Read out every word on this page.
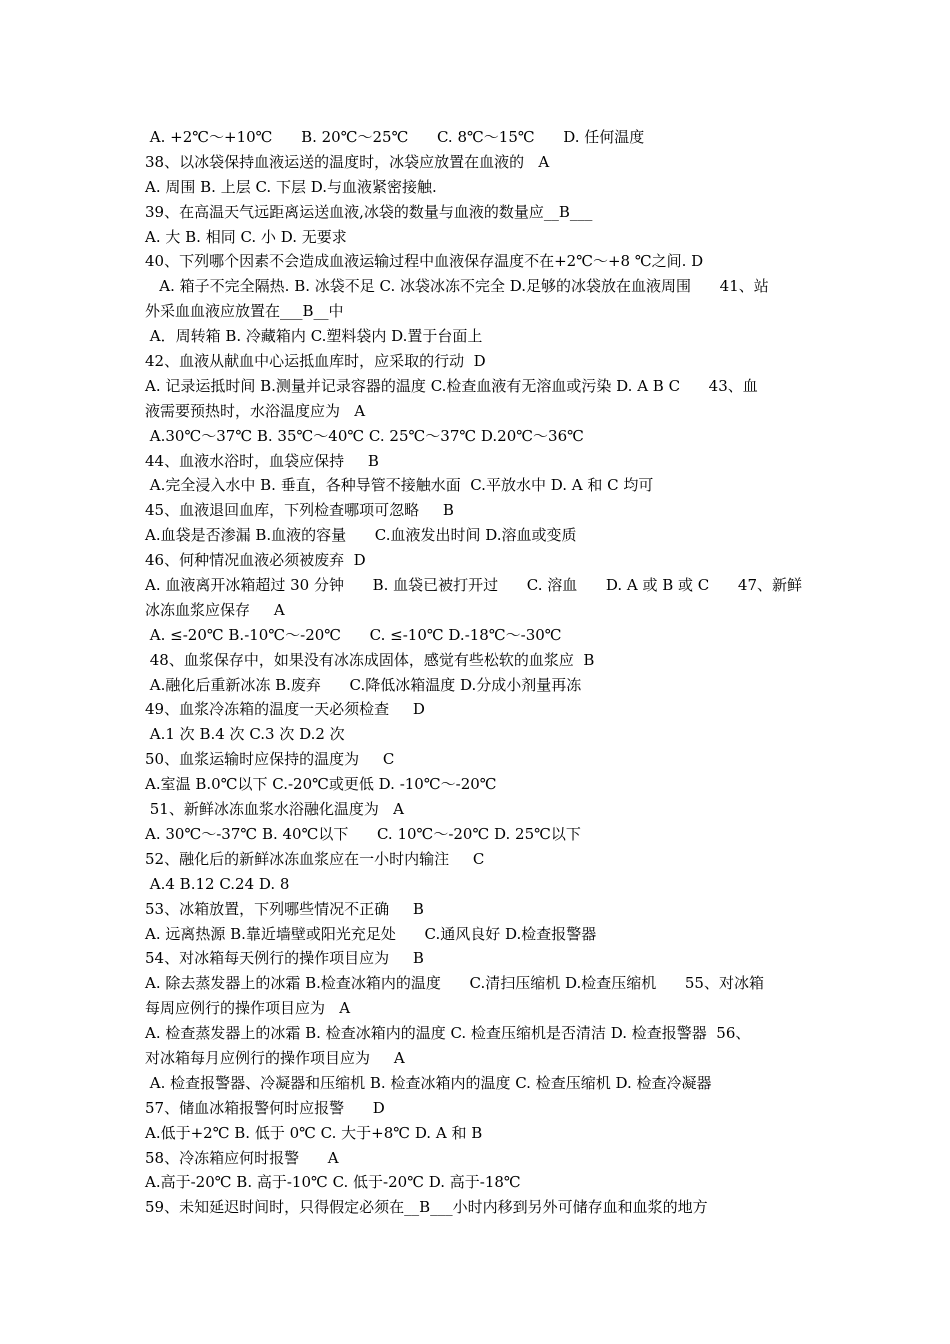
A. +2℃～+10℃      B. 20℃～25℃      C. 8℃～15℃      D. 任何温度
38、以冰袋保持血液运送的温度时，冰袋应放置在血液的   A
A. 周围 B. 上层 C. 下层 D.与血液紧密接触.
39、在高温天气远距离运送血液,冰袋的数量与血液的数量应__B___
A. 大 B. 相同 C. 小 D. 无要求
40、下列哪个因素不会造成血液运输过程中血液保存温度不在+2℃～+8 ℃之间. D
A. 箱子不完全隔热. B. 冰袋不足 C. 冰袋冰冻不完全 D.足够的冰袋放在血液周围      41、站
外采血血液应放置在___B__中
A．周转箱 B. 冷藏箱内 C.塑料袋内 D.置于台面上
42、血液从献血中心运抵血库时，应采取的行动  D
A. 记录运抵时间 B.测量并记录容器的温度 C.检查血液有无溶血或污染 D. A B C      43、血
液需要预热时，水浴温度应为   A
A.30℃～37℃ B. 35℃～40℃ C. 25℃～37℃ D.20℃～36℃
44、血液水浴时，血袋应保持     B
A.完全浸入水中 B. 垂直，各种导管不接触水面  C.平放水中 D. A 和 C 均可
45、血液退回血库，下列检查哪项可忽略     B
A.血袋是否渗漏 B.血液的容量      C.血液发出时间 D.溶血或变质
46、何种情况血液必须被废弃  D
A. 血液离开冰箱超过 30 分钟      B. 血袋已被打开过      C. 溶血      D. A 或 B 或 C      47、新鲜
冰冻血浆应保存     A
A. ≤-20℃ B.-10℃～-20℃      C. ≤-10℃ D.-18℃～-30℃
48、血浆保存中，如果没有冰冻成固体，感觉有些松软的血浆应  B
A.融化后重新冰冻 B.废弃      C.降低冰箱温度 D.分成小剂量再冻
49、血浆冷冻箱的温度一天必须检查     D
A.1 次 B.4 次 C.3 次 D.2 次
50、血浆运输时应保持的温度为     C
A.室温 B.0℃以下 C.-20℃或更低 D. -10℃～-20℃
51、新鲜冰冻血浆水浴融化温度为   A
A. 30℃～-37℃ B. 40℃以下      C. 10℃～-20℃ D. 25℃以下
52、融化后的新鲜冰冻血浆应在一小时内输注     C
A.4 B.12 C.24 D. 8
53、冰箱放置，下列哪些情况不正确     B
A. 远离热源 B.靠近墙壁或阳光充足处      C.通风良好 D.检查报警器
54、对冰箱每天例行的操作项目应为     B
A. 除去蒸发器上的冰霜 B.检查冰箱内的温度      C.清扫压缩机 D.检查压缩机      55、对冰箱
每周应例行的操作项目应为   A
A. 检查蒸发器上的冰霜 B. 检查冰箱内的温度 C. 检查压缩机是否清洁 D. 检查报警器  56、
对冰箱每月应例行的操作项目应为     A
A. 检查报警器、冷凝器和压缩机 B. 检查冰箱内的温度 C. 检查压缩机 D. 检查冷凝器
57、储血冰箱报警何时应报警      D
A.低于+2℃ B. 低于 0℃ C. 大于+8℃ D. A 和 B
58、冷冻箱应何时报警      A
A.高于-20℃ B. 高于-10℃ C. 低于-20℃ D. 高于-18℃
59、未知延迟时间时，只得假定必须在__B___小时内移到另外可储存血和血浆的地方
